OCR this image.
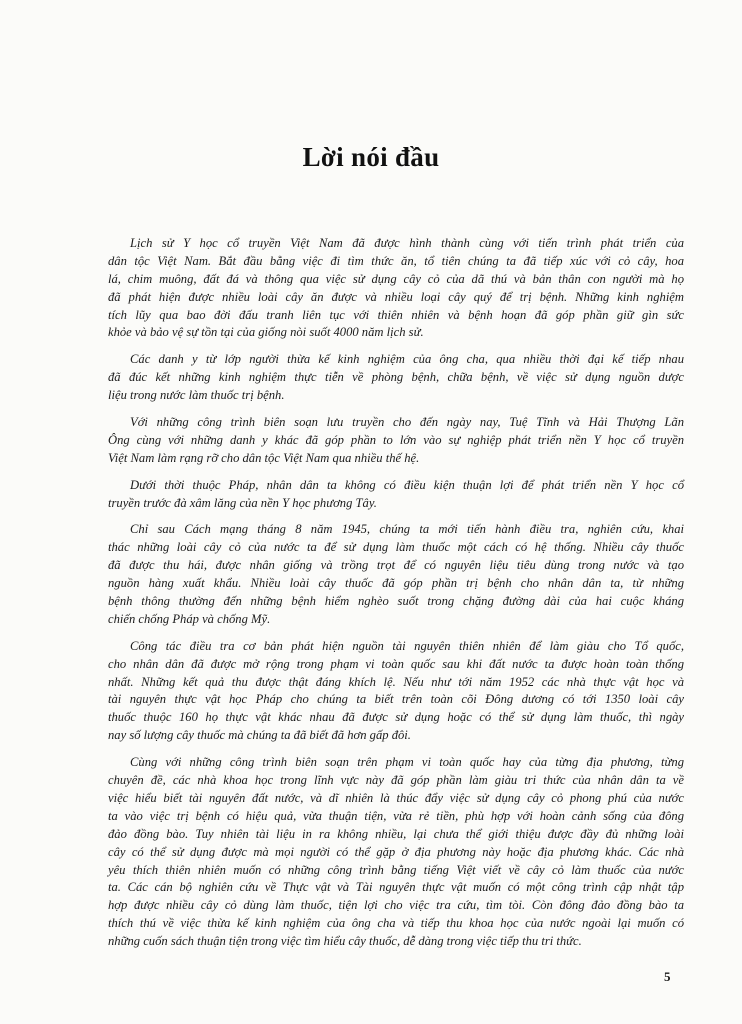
Lời nói đầu
Lịch sử Y học cổ truyền Việt Nam đã được hình thành cùng với tiến trình phát triển của
dân tộc Việt Nam. Bắt đầu bằng việc đi tìm thức ăn, tổ tiên chúng ta đã tiếp xúc với cỏ cây, hoa
lá, chim muông, đất đá và thông qua việc sử dụng cây cỏ của dã thú và bản thân con người mà họ
đã phát hiện được nhiều loài cây ăn được và nhiều loại cây quý để trị bệnh. Những kinh nghiệm
tích lũy qua bao đời đấu tranh liên tục với thiên nhiên và bệnh hoạn đã góp phần giữ gìn sức
khỏe và bảo vệ sự tồn tại của giống nòi suốt 4000 năm lịch sử.
Các danh y từ lớp người thừa kế kinh nghiệm của ông cha, qua nhiều thời đại kế tiếp nhau
đã đúc kết những kinh nghiệm thực tiễn về phòng bệnh, chữa bệnh, về việc sử dụng nguồn dược
liệu trong nước làm thuốc trị bệnh.
Với những công trình biên soạn lưu truyền cho đến ngày nay, Tuệ Tĩnh và Hải Thượng Lãn
Ông cùng với những danh y khác đã góp phần to lớn vào sự nghiệp phát triển nền Y học cổ truyền
Việt Nam làm rạng rỡ cho dân tộc Việt Nam qua nhiều thế hệ.
Dưới thời thuộc Pháp, nhân dân ta không có điều kiện thuận lợi để phát triển nền Y học cổ
truyền trước đà xâm lăng của nền Y học phương Tây.
Chỉ sau Cách mạng tháng 8 năm 1945, chúng ta mới tiến hành điều tra, nghiên cứu, khai
thác những loài cây cỏ của nước ta để sử dụng làm thuốc một cách có hệ thống. Nhiều cây thuốc
đã được thu hái, được nhân giống và trồng trọt để có nguyên liệu tiêu dùng trong nước và tạo
nguồn hàng xuất khẩu. Nhiều loài cây thuốc đã góp phần trị bệnh cho nhân dân ta, từ những
bệnh thông thường đến những bệnh hiểm nghèo suốt trong chặng đường dài của hai cuộc kháng
chiến chống Pháp và chống Mỹ.
Công tác điều tra cơ bản phát hiện nguồn tài nguyên thiên nhiên để làm giàu cho Tổ quốc,
cho nhân dân đã được mở rộng trong phạm vi toàn quốc sau khi đất nước ta được hoàn toàn thống
nhất. Những kết quả thu được thật đáng khích lệ. Nếu như tới năm 1952 các nhà thực vật học và
tài nguyên thực vật học Pháp cho chúng ta biết trên toàn cõi Đông dương có tới 1350 loài cây
thuốc thuộc 160 họ thực vật khác nhau đã được sử dụng hoặc có thể sử dụng làm thuốc, thì ngày
nay số lượng cây thuốc mà chúng ta đã biết đã hơn gấp đôi.
Cùng với những công trình biên soạn trên phạm vi toàn quốc hay của từng địa phương, từng
chuyên đề, các nhà khoa học trong lĩnh vực này đã góp phần làm giàu tri thức của nhân dân ta về
việc hiểu biết tài nguyên đất nước, và dĩ nhiên là thúc đẩy việc sử dụng cây cỏ phong phú của nước
ta vào việc trị bệnh có hiệu quả, vừa thuận tiện, vừa rẻ tiền, phù hợp với hoàn cảnh sống của đông
đảo đồng bào. Tuy nhiên tài liệu in ra không nhiều, lại chưa thể giới thiệu được đầy đủ những loài
cây có thể sử dụng được mà mọi người có thể gặp ở địa phương này hoặc địa phương khác. Các nhà
yêu thích thiên nhiên muốn có những công trình bằng tiếng Việt viết về cây cỏ làm thuốc của nước
ta. Các cán bộ nghiên cứu về Thực vật và Tài nguyên thực vật muốn có một công trình cập nhật tập
hợp được nhiều cây cỏ dùng làm thuốc, tiện lợi cho việc tra cứu, tìm tòi. Còn đông đảo đồng bào ta
thích thú về việc thừa kế kinh nghiệm của ông cha và tiếp thu khoa học của nước ngoài lại muốn có
những cuốn sách thuận tiện trong việc tìm hiểu cây thuốc, dễ dàng trong việc tiếp thu tri thức.
5
